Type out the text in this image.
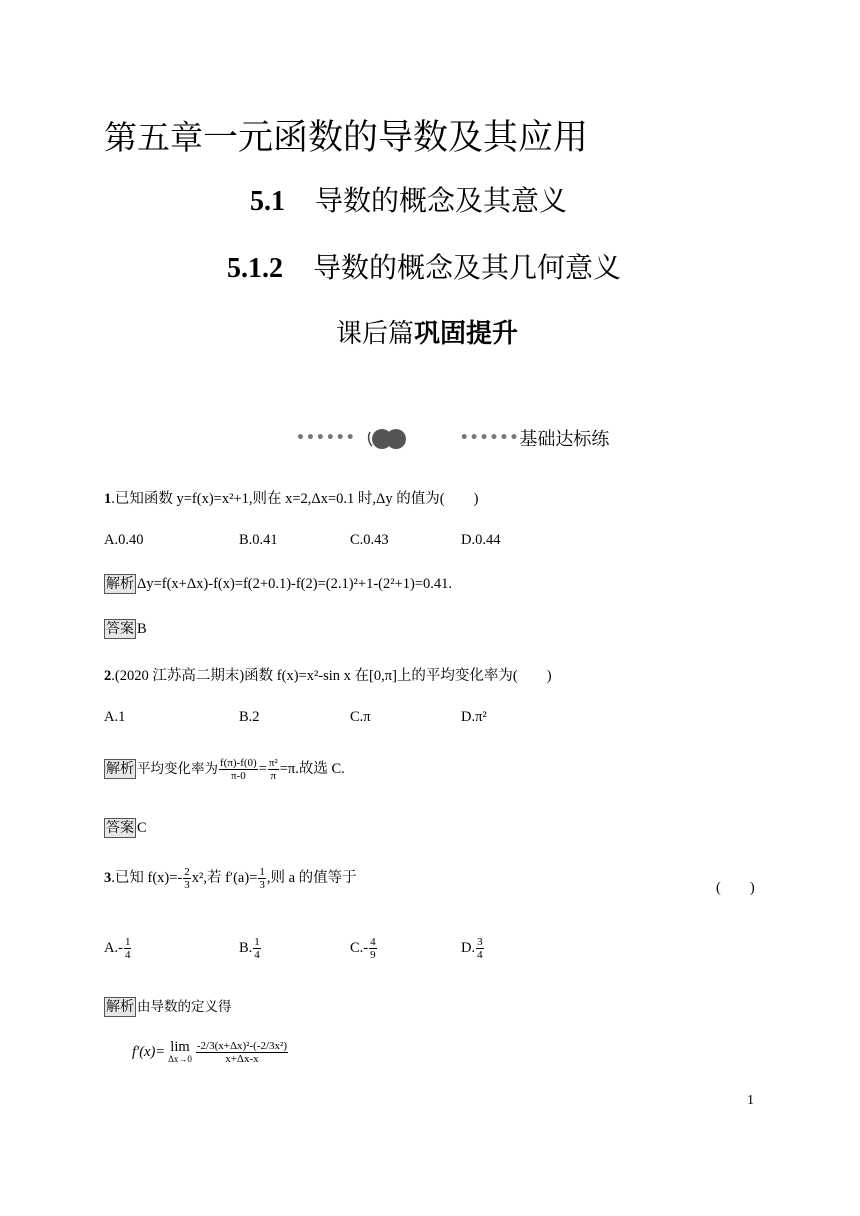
第五章一元函数的导数及其应用
5.1 导数的概念及其意义
5.1.2 导数的概念及其几何意义
课后篇巩固提升
••••••	•••••• 基础达标练
1.已知函数 y=f(x)=x²+1,则在 x=2,Δx=0.1 时,Δy 的值为(　　)
A.0.40	B.0.41	C.0.43	D.0.44
解析 Δy=f(x+Δx)-f(x)=f(2+0.1)-f(2)=(2.1)²+1-(2²+1)=0.41.
答案 B
2.(2020 江苏高二期末)函数 f(x)=x²-sin x 在[0,π]上的平均变化率为(　　)
A.1	B.2	C.π	D.π²
解析 平均变化率为 $\frac{f(\pi)-f(0)}{\pi-0} = \frac{\text{π²}}{\pi} =\pi$.故选 C.
答案 C
3.已知 $f(x)=- \frac{2}{3} x^2$,若 $f'(a)= \frac{1}{3}$ ,则 a 的值等于
(　　)
$A.- \frac{1}{4}$	B. $\frac{1}{4}$	$C.- \frac{4}{9}$	D. $\frac{3}{4}$
解析 由导数的定义得
f′(x)= lim
$\Delta x\to 0 \frac{\text{-2/3(x+Δx)²-(-2/3x²)}}{x+\Delta x-x}$
1
